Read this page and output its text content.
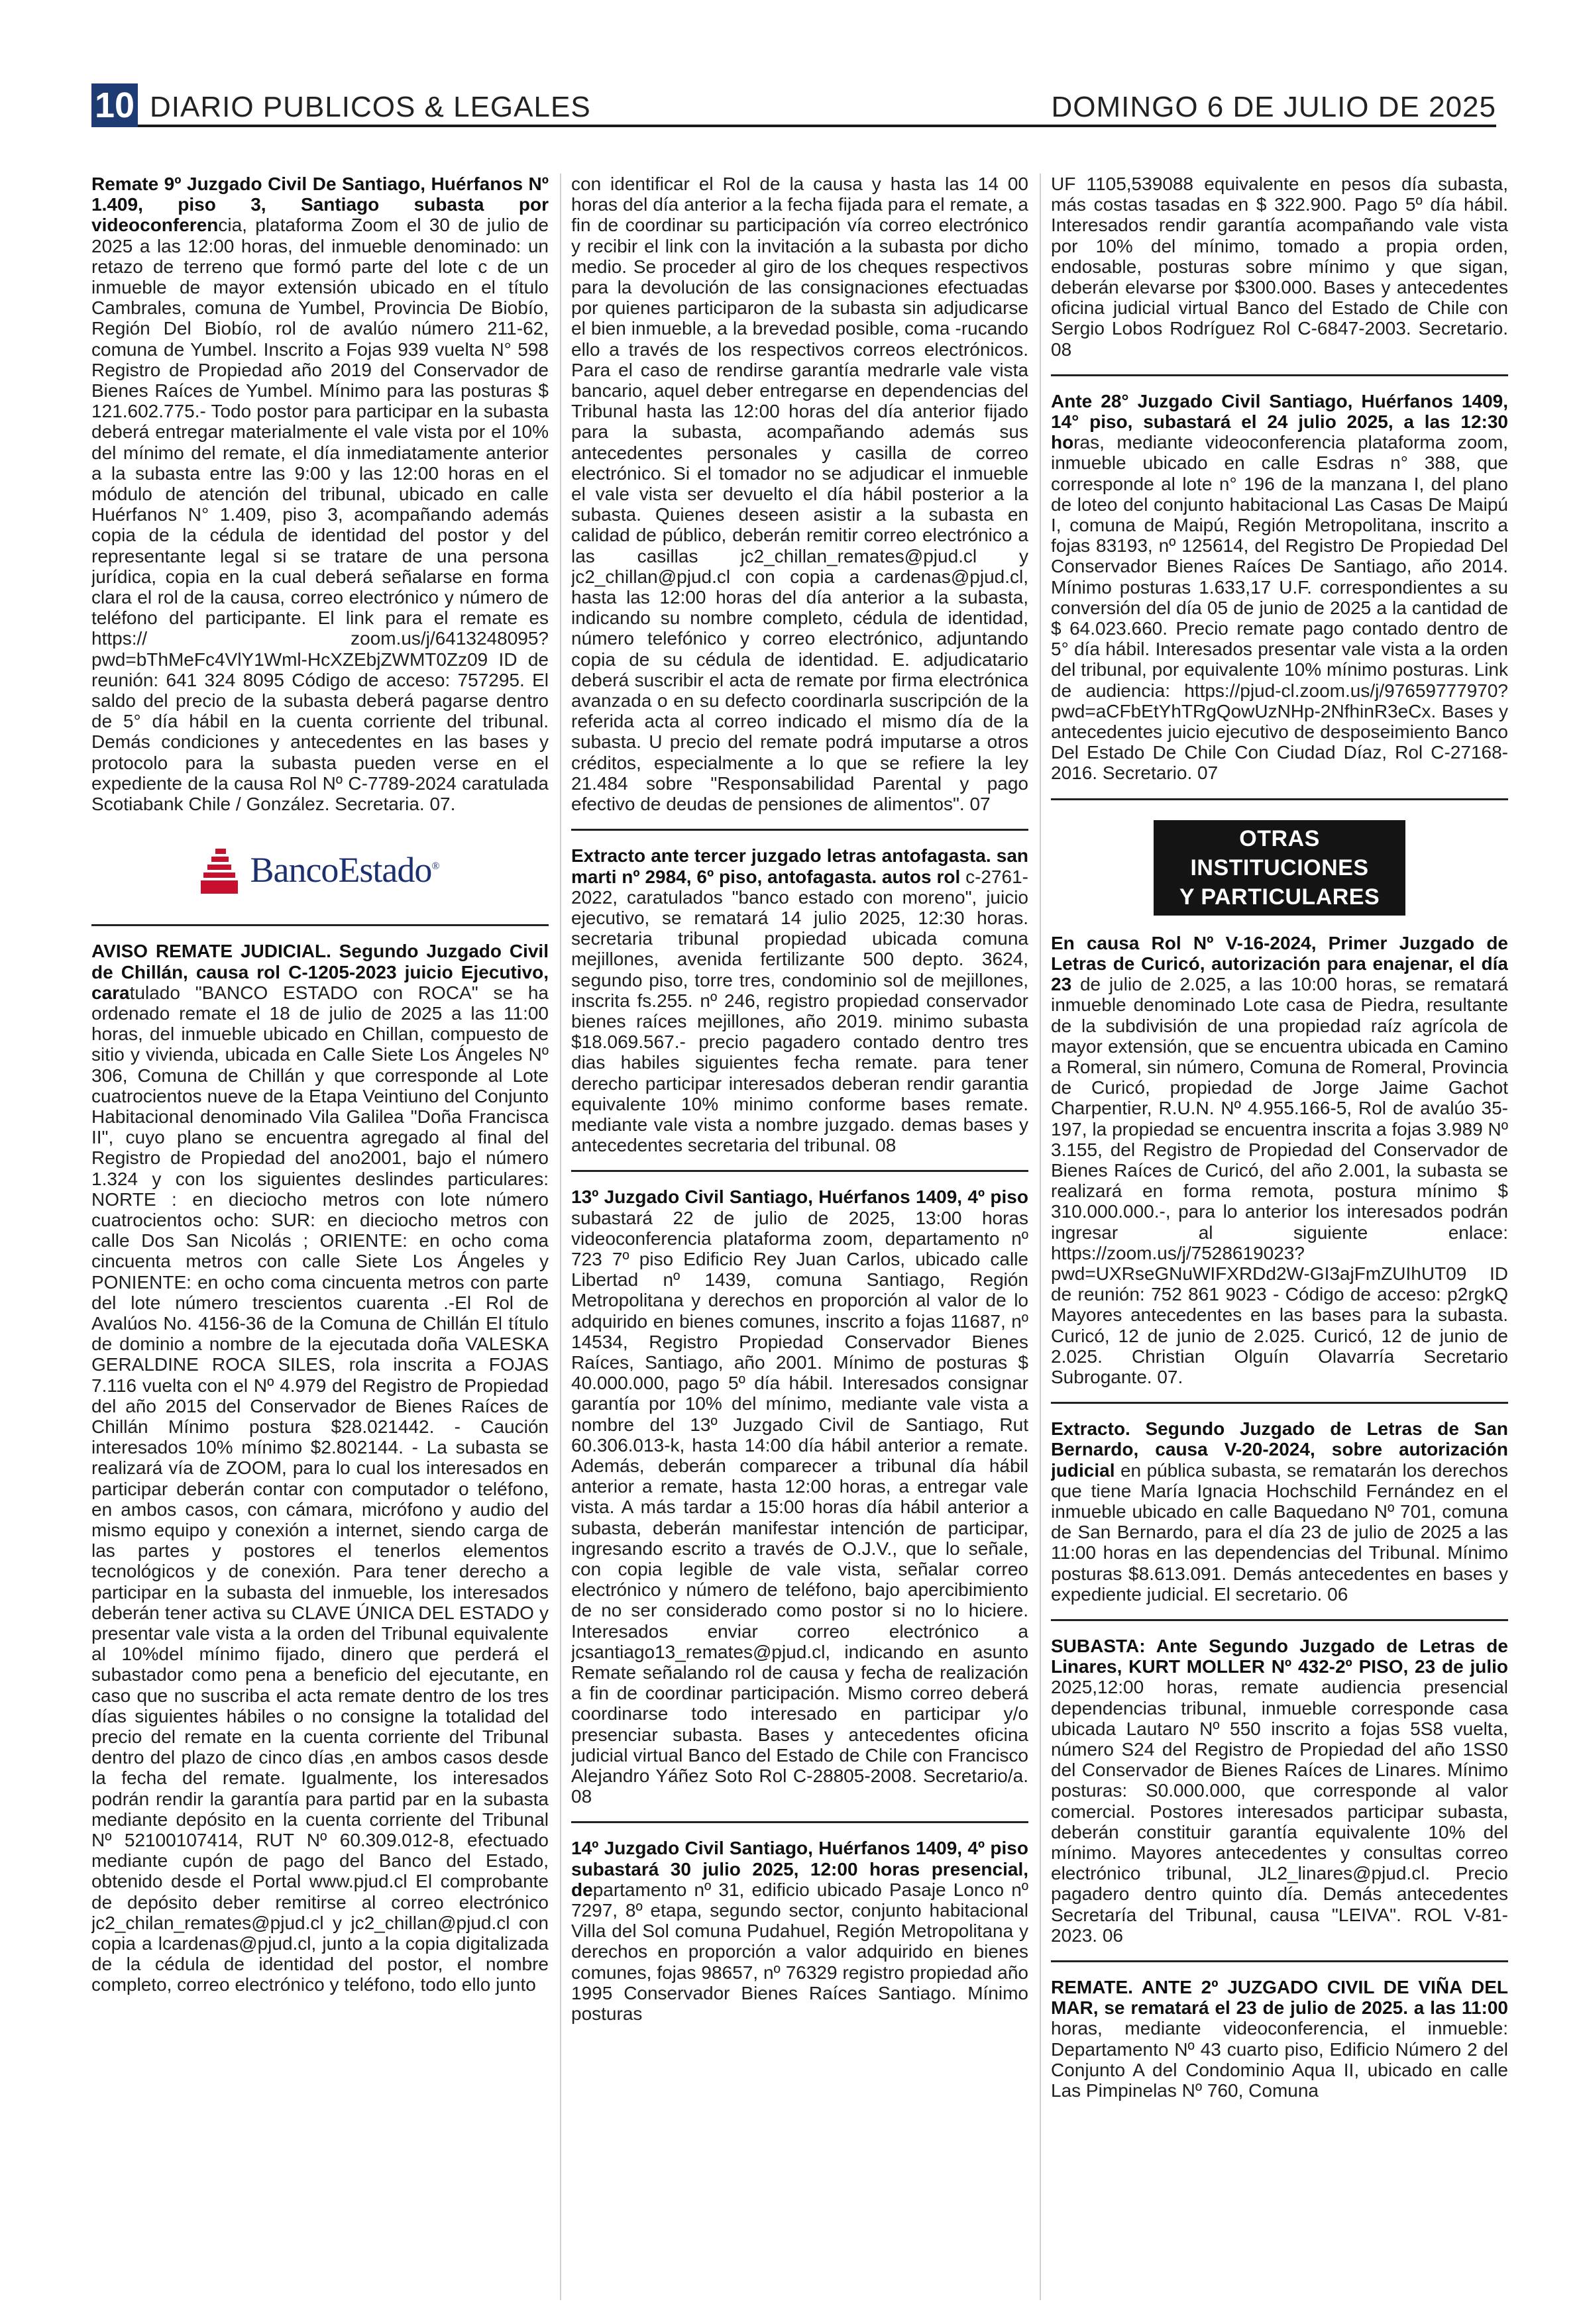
10 DIARIO PUBLICOS & LEGALES	DOMINGO 6 DE JULIO DE 2025

Remate 9º Juzgado Civil De Santiago, Huérfanos Nº 1.409, piso 3, Santiago subasta por videoconferencia, plataforma Zoom el 30 de julio de 2025 a las 12:00 horas, del inmueble denominado: un retazo de terreno que formó parte del lote c de un inmueble de mayor extensión ubicado en el título Cambrales, comuna de Yumbel, Provincia De Biobío, Región Del Biobío, rol de avalúo número 211-62, comuna de Yumbel. Inscrito a Fojas 939 vuelta N° 598 Registro de Propiedad año 2019 del Conservador de Bienes Raíces de Yumbel. Mínimo para las posturas $ 121.602.775.- Todo postor para participar en la subasta deberá entregar materialmente el vale vista por el 10% del mínimo del remate, el día inmediatamente anterior a la subasta entre las 9:00 y las 12:00 horas en el módulo de atención del tribunal, ubicado en calle Huérfanos N° 1.409, piso 3, acompañando además copia de la cédula de identidad del postor y del representante legal si se tratare de una persona jurídica, copia en la cual deberá señalarse en forma clara el rol de la causa, correo electrónico y número de teléfono del participante. El link para el remate es https:// zoom.us/j/6413248095?pwd=bThMeFc4VlY1Wml-HcXZEbjZWMT0Zz09 ID de reunión: 641 324 8095 Código de acceso: 757295. El saldo del precio de la subasta deberá pagarse dentro de 5° día hábil en la cuenta corriente del tribunal. Demás condiciones y antecedentes en las bases y protocolo para la subasta pueden verse en el expediente de la causa Rol Nº C-7789-2024 caratulada Scotiabank Chile / González. Secretaria. 07.

BancoEstado®

AVISO REMATE JUDICIAL. Segundo Juzgado Civil de Chillán, causa rol C-1205-2023 juicio Ejecutivo, caratulado "BANCO ESTADO con ROCA" se ha ordenado remate el 18 de julio de 2025 a las 11:00 horas, del inmueble ubicado en Chillan, compuesto de sitio y vivienda, ubicada en Calle Siete Los Ángeles Nº 306, Comuna de Chillán y que corresponde al Lote cuatrocientos nueve de la Etapa Veintiuno del Conjunto Habitacional denominado Vila Galilea "Doña Francisca II", cuyo plano se encuentra agregado al final del Registro de Propiedad del ano2001, bajo el número 1.324 y con los siguientes deslindes particulares: NORTE : en dieciocho metros con lote número cuatrocientos ocho: SUR: en dieciocho metros con calle Dos San Nicolás ; ORIENTE: en ocho coma cincuenta metros con calle Siete Los Ángeles y PONIENTE: en ocho coma cincuenta metros con parte del lote número trescientos cuarenta .-El Rol de Avalúos No. 4156-36 de la Comuna de Chillán El título de dominio a nombre de la ejecutada doña VALESKA GERALDINE ROCA SILES, rola inscrita a FOJAS 7.116 vuelta con el Nº 4.979 del Registro de Propiedad del año 2015 del Conservador de Bienes Raíces de Chillán Mínimo postura $28.021442. - Caución interesados 10% mínimo $2.802144. - La subasta se realizará vía de ZOOM, para lo cual los interesados en participar deberán contar con computador o teléfono, en ambos casos, con cámara, micrófono y audio del mismo equipo y conexión a internet, siendo carga de las partes y postores el tenerlos elementos tecnológicos y de conexión. Para tener derecho a participar en la subasta del inmueble, los interesados deberán tener activa su CLAVE ÚNICA DEL ESTADO y presentar vale vista a la orden del Tribunal equivalente al 10%del mínimo fijado, dinero que perderá el subastador como pena a beneficio del ejecutante, en caso que no suscriba el acta remate dentro de los tres días siguientes hábiles o no consigne la totalidad del precio del remate en la cuenta corriente del Tribunal dentro del plazo de cinco días ,en ambos casos desde la fecha del remate. Igualmente, los interesados podrán rendir la garantía para partid par en la subasta mediante depósito en la cuenta corriente del Tribunal Nº 52100107414, RUT Nº 60.309.012-8, efectuado mediante cupón de pago del Banco del Estado, obtenido desde el Portal www.pjud.cl El comprobante de depósito deber remitirse al correo electrónico jc2_chilan_remates@pjud.cl y jc2_chillan@pjud.cl con copia a lcardenas@pjud.cl, junto a la copia digitalizada de la cédula de identidad del postor, el nombre completo, correo electrónico y teléfono, todo ello junto

con identificar el Rol de la causa y hasta las 14 00 horas del día anterior a la fecha fijada para el remate, a fin de coordinar su participación vía correo electrónico y recibir el link con la invitación a la subasta por dicho medio. Se proceder al giro de los cheques respectivos para la devolución de las consignaciones efectuadas por quienes participaron de la subasta sin adjudicarse el bien inmueble, a la brevedad posible, coma -rucando ello a través de los respectivos correos electrónicos. Para el caso de rendirse garantía medrarle vale vista bancario, aquel deber entregarse en dependencias del Tribunal hasta las 12:00 horas del día anterior fijado para la subasta, acompañando además sus antecedentes personales y casilla de correo electrónico. Si el tomador no se adjudicar el inmueble el vale vista ser devuelto el día hábil posterior a la subasta. Quienes deseen asistir a la subasta en calidad de público, deberán remitir correo electrónico a las casillas jc2_chillan_remates@pjud.cl y jc2_chillan@pjud.cl con copia a cardenas@pjud.cl, hasta las 12:00 horas del día anterior a la subasta, indicando su nombre completo, cédula de identidad, número telefónico y correo electrónico, adjuntando copia de su cédula de identidad. E. adjudicatario deberá suscribir el acta de remate por firma electrónica avanzada o en su defecto coordinarla suscripción de la referida acta al correo indicado el mismo día de la subasta. U precio del remate podrá imputarse a otros créditos, especialmente a lo que se refiere la ley 21.484 sobre "Responsabilidad Parental y pago efectivo de deudas de pensiones de alimentos". 07

Extracto ante tercer juzgado letras antofagasta. san marti nº 2984, 6º piso, antofagasta. autos rol c-2761-2022, caratulados "banco estado con moreno", juicio ejecutivo, se rematará 14 julio 2025, 12:30 horas. secretaria tribunal propiedad ubicada comuna mejillones, avenida fertilizante 500 depto. 3624, segundo piso, torre tres, condominio sol de mejillones, inscrita fs.255. nº 246, registro propiedad conservador bienes raíces mejillones, año 2019. minimo subasta $18.069.567.- precio pagadero contado dentro tres dias habiles siguientes fecha remate. para tener derecho participar interesados deberan rendir garantia equivalente 10% minimo conforme bases remate. mediante vale vista a nombre juzgado. demas bases y antecedentes secretaria del tribunal. 08

13º Juzgado Civil Santiago, Huérfanos 1409, 4º piso subastará 22 de julio de 2025, 13:00 horas videoconferencia plataforma zoom, departamento nº 723 7º piso Edificio Rey Juan Carlos, ubicado calle Libertad nº 1439, comuna Santiago, Región Metropolitana y derechos en proporción al valor de lo adquirido en bienes comunes, inscrito a fojas 11687, nº 14534, Registro Propiedad Conservador Bienes Raíces, Santiago, año 2001. Mínimo de posturas $ 40.000.000, pago 5º día hábil. Interesados consignar garantía por 10% del mínimo, mediante vale vista a nombre del 13º Juzgado Civil de Santiago, Rut 60.306.013-k, hasta 14:00 día hábil anterior a remate. Además, deberán comparecer a tribunal día hábil anterior a remate, hasta 12:00 horas, a entregar vale vista. A más tardar a 15:00 horas día hábil anterior a subasta, deberán manifestar intención de participar, ingresando escrito a través de O.J.V., que lo señale, con copia legible de vale vista, señalar correo electrónico y número de teléfono, bajo apercibimiento de no ser considerado como postor si no lo hiciere. Interesados enviar correo electrónico a jcsantiago13_remates@pjud.cl, indicando en asunto Remate señalando rol de causa y fecha de realización a fin de coordinar participación. Mismo correo deberá coordinarse todo interesado en participar y/o presenciar subasta. Bases y antecedentes oficina judicial virtual Banco del Estado de Chile con Francisco Alejandro Yáñez Soto Rol C-28805-2008. Secretario/a. 08

14º Juzgado Civil Santiago, Huérfanos 1409, 4º piso subastará 30 julio 2025, 12:00 horas presencial, departamento nº 31, edificio ubicado Pasaje Lonco nº 7297, 8º etapa, segundo sector, conjunto habitacional Villa del Sol comuna Pudahuel, Región Metropolitana y derechos en proporción a valor adquirido en bienes comunes, fojas 98657, nº 76329 registro propiedad año 1995 Conservador Bienes Raíces Santiago. Mínimo posturas

UF 1105,539088 equivalente en pesos día subasta, más costas tasadas en $ 322.900. Pago 5º día hábil. Interesados rendir garantía acompañando vale vista por 10% del mínimo, tomado a propia orden, endosable, posturas sobre mínimo y que sigan, deberán elevarse por $300.000. Bases y antecedentes oficina judicial virtual Banco del Estado de Chile con Sergio Lobos Rodríguez Rol C-6847-2003. Secretario. 08

Ante 28° Juzgado Civil Santiago, Huérfanos 1409, 14° piso, subastará el 24 julio 2025, a las 12:30 horas, mediante videoconferencia plataforma zoom, inmueble ubicado en calle Esdras n° 388, que corresponde al lote n° 196 de la manzana I, del plano de loteo del conjunto habitacional Las Casas De Maipú I, comuna de Maipú, Región Metropolitana, inscrito a fojas 83193, nº 125614, del Registro De Propiedad Del Conservador Bienes Raíces De Santiago, año 2014. Mínimo posturas 1.633,17 U.F. correspondientes a su conversión del día 05 de junio de 2025 a la cantidad de $ 64.023.660. Precio remate pago contado dentro de 5° día hábil. Interesados presentar vale vista a la orden del tribunal, por equivalente 10% mínimo posturas. Link de audiencia: https://pjud-cl.zoom.us/j/97659777970?pwd=aCFbEtYhTRgQowUzNHp-2NfhinR3eCx. Bases y antecedentes juicio ejecutivo de desposeimiento Banco Del Estado De Chile Con Ciudad Díaz, Rol C-27168-2016. Secretario. 07

OTRAS INSTITUCIONES
Y PARTICULARES

En causa Rol Nº V-16-2024, Primer Juzgado de Letras de Curicó, autorización para enajenar, el día 23 de julio de 2.025, a las 10:00 horas, se rematará inmueble denominado Lote casa de Piedra, resultante de la subdivisión de una propiedad raíz agrícola de mayor extensión, que se encuentra ubicada en Camino a Romeral, sin número, Comuna de Romeral, Provincia de Curicó, propiedad de Jorge Jaime Gachot Charpentier, R.U.N. Nº 4.955.166-5, Rol de avalúo 35-197, la propiedad se encuentra inscrita a fojas 3.989 Nº 3.155, del Registro de Propiedad del Conservador de Bienes Raíces de Curicó, del año 2.001, la subasta se realizará en forma remota, postura mínimo $ 310.000.000.-, para lo anterior los interesados podrán ingresar al siguiente enlace: https://zoom.us/j/7528619023?pwd=UXRseGNuWIFXRDd2W-GI3ajFmZUIhUT09 ID de reunión: 752 861 9023 - Código de acceso: p2rgkQ Mayores antecedentes en las bases para la subasta. Curicó, 12 de junio de 2.025. Curicó, 12 de junio de 2.025. Christian Olguín Olavarría Secretario Subrogante. 07.

Extracto. Segundo Juzgado de Letras de San Bernardo, causa V-20-2024, sobre autorización judicial en pública subasta, se rematarán los derechos que tiene María Ignacia Hochschild Fernández en el inmueble ubicado en calle Baquedano Nº 701, comuna de San Bernardo, para el día 23 de julio de 2025 a las 11:00 horas en las dependencias del Tribunal. Mínimo posturas $8.613.091. Demás antecedentes en bases y expediente judicial. El secretario. 06

SUBASTA: Ante Segundo Juzgado de Letras de Linares, KURT MOLLER Nº 432-2º PISO, 23 de julio 2025,12:00 horas, remate audiencia presencial dependencias tribunal, inmueble corresponde casa ubicada Lautaro Nº 550 inscrito a fojas 5S8 vuelta, número S24 del Registro de Propiedad del año 1SS0 del Conservador de Bienes Raíces de Linares. Mínimo posturas: S0.000.000, que corresponde al valor comercial. Postores interesados participar subasta, deberán constituir garantía equivalente 10% del mínimo. Mayores antecedentes y consultas correo electrónico tribunal, JL2_linares@pjud.cl. Precio pagadero dentro quinto día. Demás antecedentes Secretaría del Tribunal, causa "LEIVA". ROL V-81-2023. 06

REMATE. ANTE 2º JUZGADO CIVIL DE VIÑA DEL MAR, se rematará el 23 de julio de 2025. a las 11:00 horas, mediante videoconferencia, el inmueble: Departamento Nº 43 cuarto piso, Edificio Número 2 del Conjunto A del Condominio Aqua II, ubicado en calle Las Pimpinelas Nº 760, Comuna
